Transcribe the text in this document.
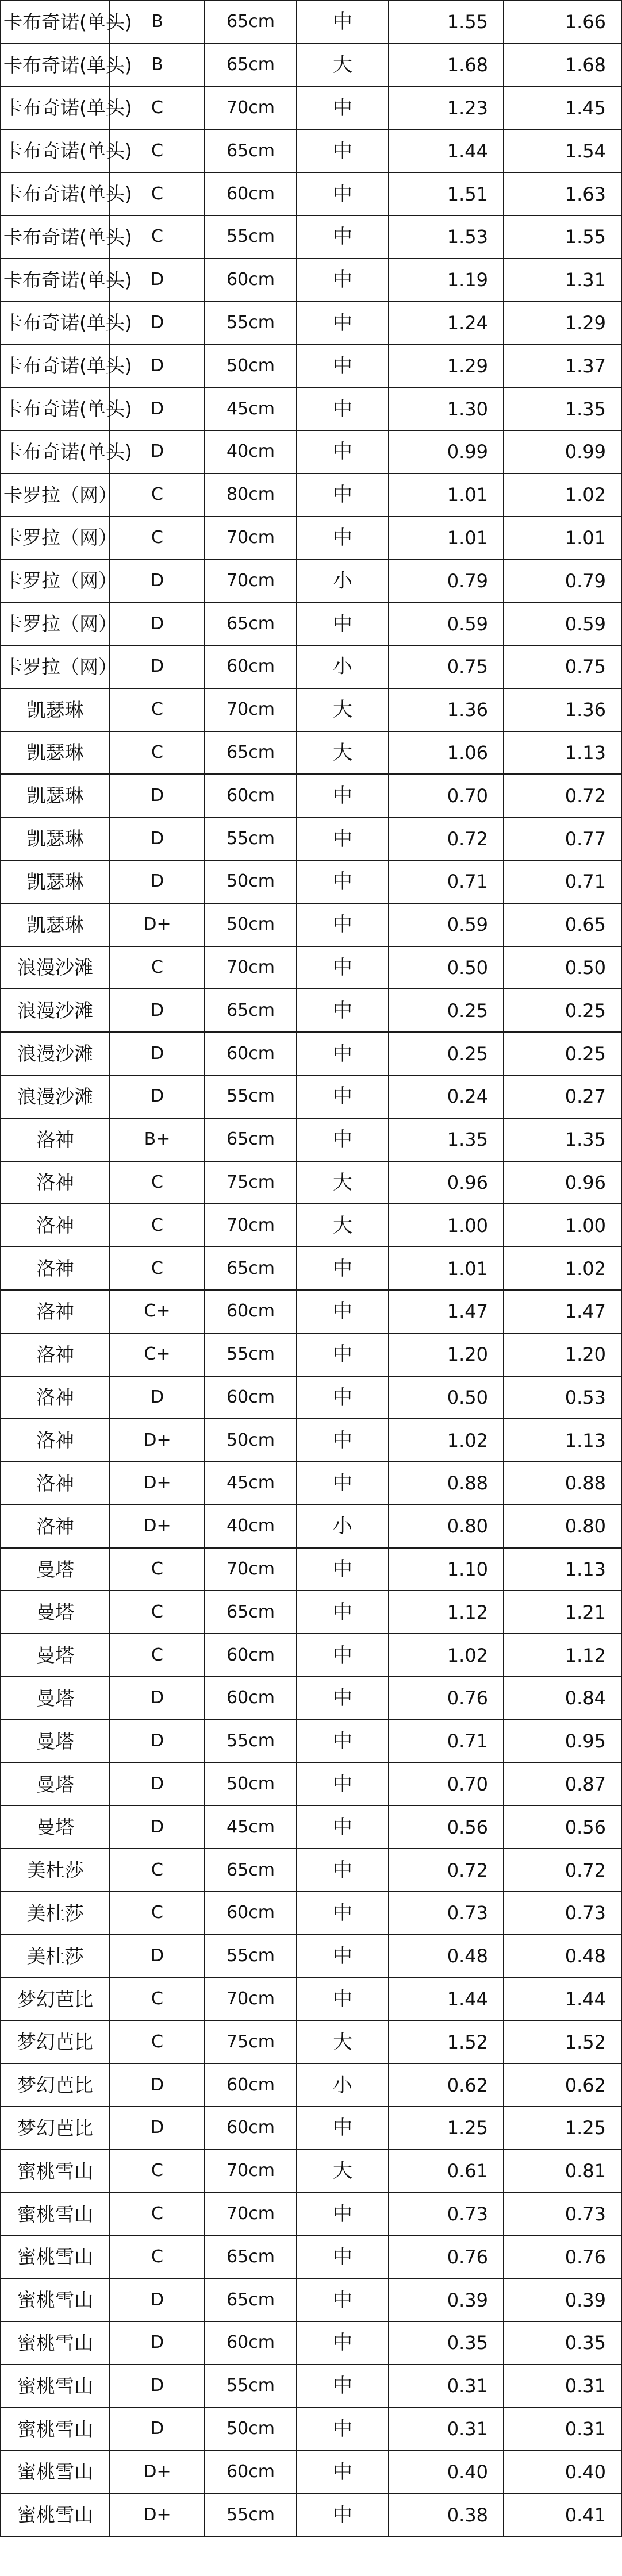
卡布奇诺(单头)	B	65cm	中	1.55	1.66
卡布奇诺(单头)	B	65cm	大	1.68	1.68
卡布奇诺(单头)	C	70cm	中	1.23	1.45
卡布奇诺(单头)	C	65cm	中	1.44	1.54
卡布奇诺(单头)	C	60cm	中	1.51	1.63
卡布奇诺(单头)	C	55cm	中	1.53	1.55
卡布奇诺(单头)	D	60cm	中	1.19	1.31
卡布奇诺(单头)	D	55cm	中	1.24	1.29
卡布奇诺(单头)	D	50cm	中	1.29	1.37
卡布奇诺(单头)	D	45cm	中	1.30	1.35
卡布奇诺(单头)	D	40cm	中	0.99	0.99
卡罗拉（网）	C	80cm	中	1.01	1.02
卡罗拉（网）	C	70cm	中	1.01	1.01
卡罗拉（网）	D	70cm	小	0.79	0.79
卡罗拉（网）	D	65cm	中	0.59	0.59
卡罗拉（网）	D	60cm	小	0.75	0.75
凯瑟琳	C	70cm	大	1.36	1.36
凯瑟琳	C	65cm	大	1.06	1.13
凯瑟琳	D	60cm	中	0.70	0.72
凯瑟琳	D	55cm	中	0.72	0.77
凯瑟琳	D	50cm	中	0.71	0.71
凯瑟琳	D+	50cm	中	0.59	0.65
浪漫沙滩	C	70cm	中	0.50	0.50
浪漫沙滩	D	65cm	中	0.25	0.25
浪漫沙滩	D	60cm	中	0.25	0.25
浪漫沙滩	D	55cm	中	0.24	0.27
洛神	B+	65cm	中	1.35	1.35
洛神	C	75cm	大	0.96	0.96
洛神	C	70cm	大	1.00	1.00
洛神	C	65cm	中	1.01	1.02
洛神	C+	60cm	中	1.47	1.47
洛神	C+	55cm	中	1.20	1.20
洛神	D	60cm	中	0.50	0.53
洛神	D+	50cm	中	1.02	1.13
洛神	D+	45cm	中	0.88	0.88
洛神	D+	40cm	小	0.80	0.80
曼塔	C	70cm	中	1.10	1.13
曼塔	C	65cm	中	1.12	1.21
曼塔	C	60cm	中	1.02	1.12
曼塔	D	60cm	中	0.76	0.84
曼塔	D	55cm	中	0.71	0.95
曼塔	D	50cm	中	0.70	0.87
曼塔	D	45cm	中	0.56	0.56
美杜莎	C	65cm	中	0.72	0.72
美杜莎	C	60cm	中	0.73	0.73
美杜莎	D	55cm	中	0.48	0.48
梦幻芭比	C	70cm	中	1.44	1.44
梦幻芭比	C	75cm	大	1.52	1.52
梦幻芭比	D	60cm	小	0.62	0.62
梦幻芭比	D	60cm	中	1.25	1.25
蜜桃雪山	C	70cm	大	0.61	0.81
蜜桃雪山	C	70cm	中	0.73	0.73
蜜桃雪山	C	65cm	中	0.76	0.76
蜜桃雪山	D	65cm	中	0.39	0.39
蜜桃雪山	D	60cm	中	0.35	0.35
蜜桃雪山	D	55cm	中	0.31	0.31
蜜桃雪山	D	50cm	中	0.31	0.31
蜜桃雪山	D+	60cm	中	0.40	0.40
蜜桃雪山	D+	55cm	中	0.38	0.41
